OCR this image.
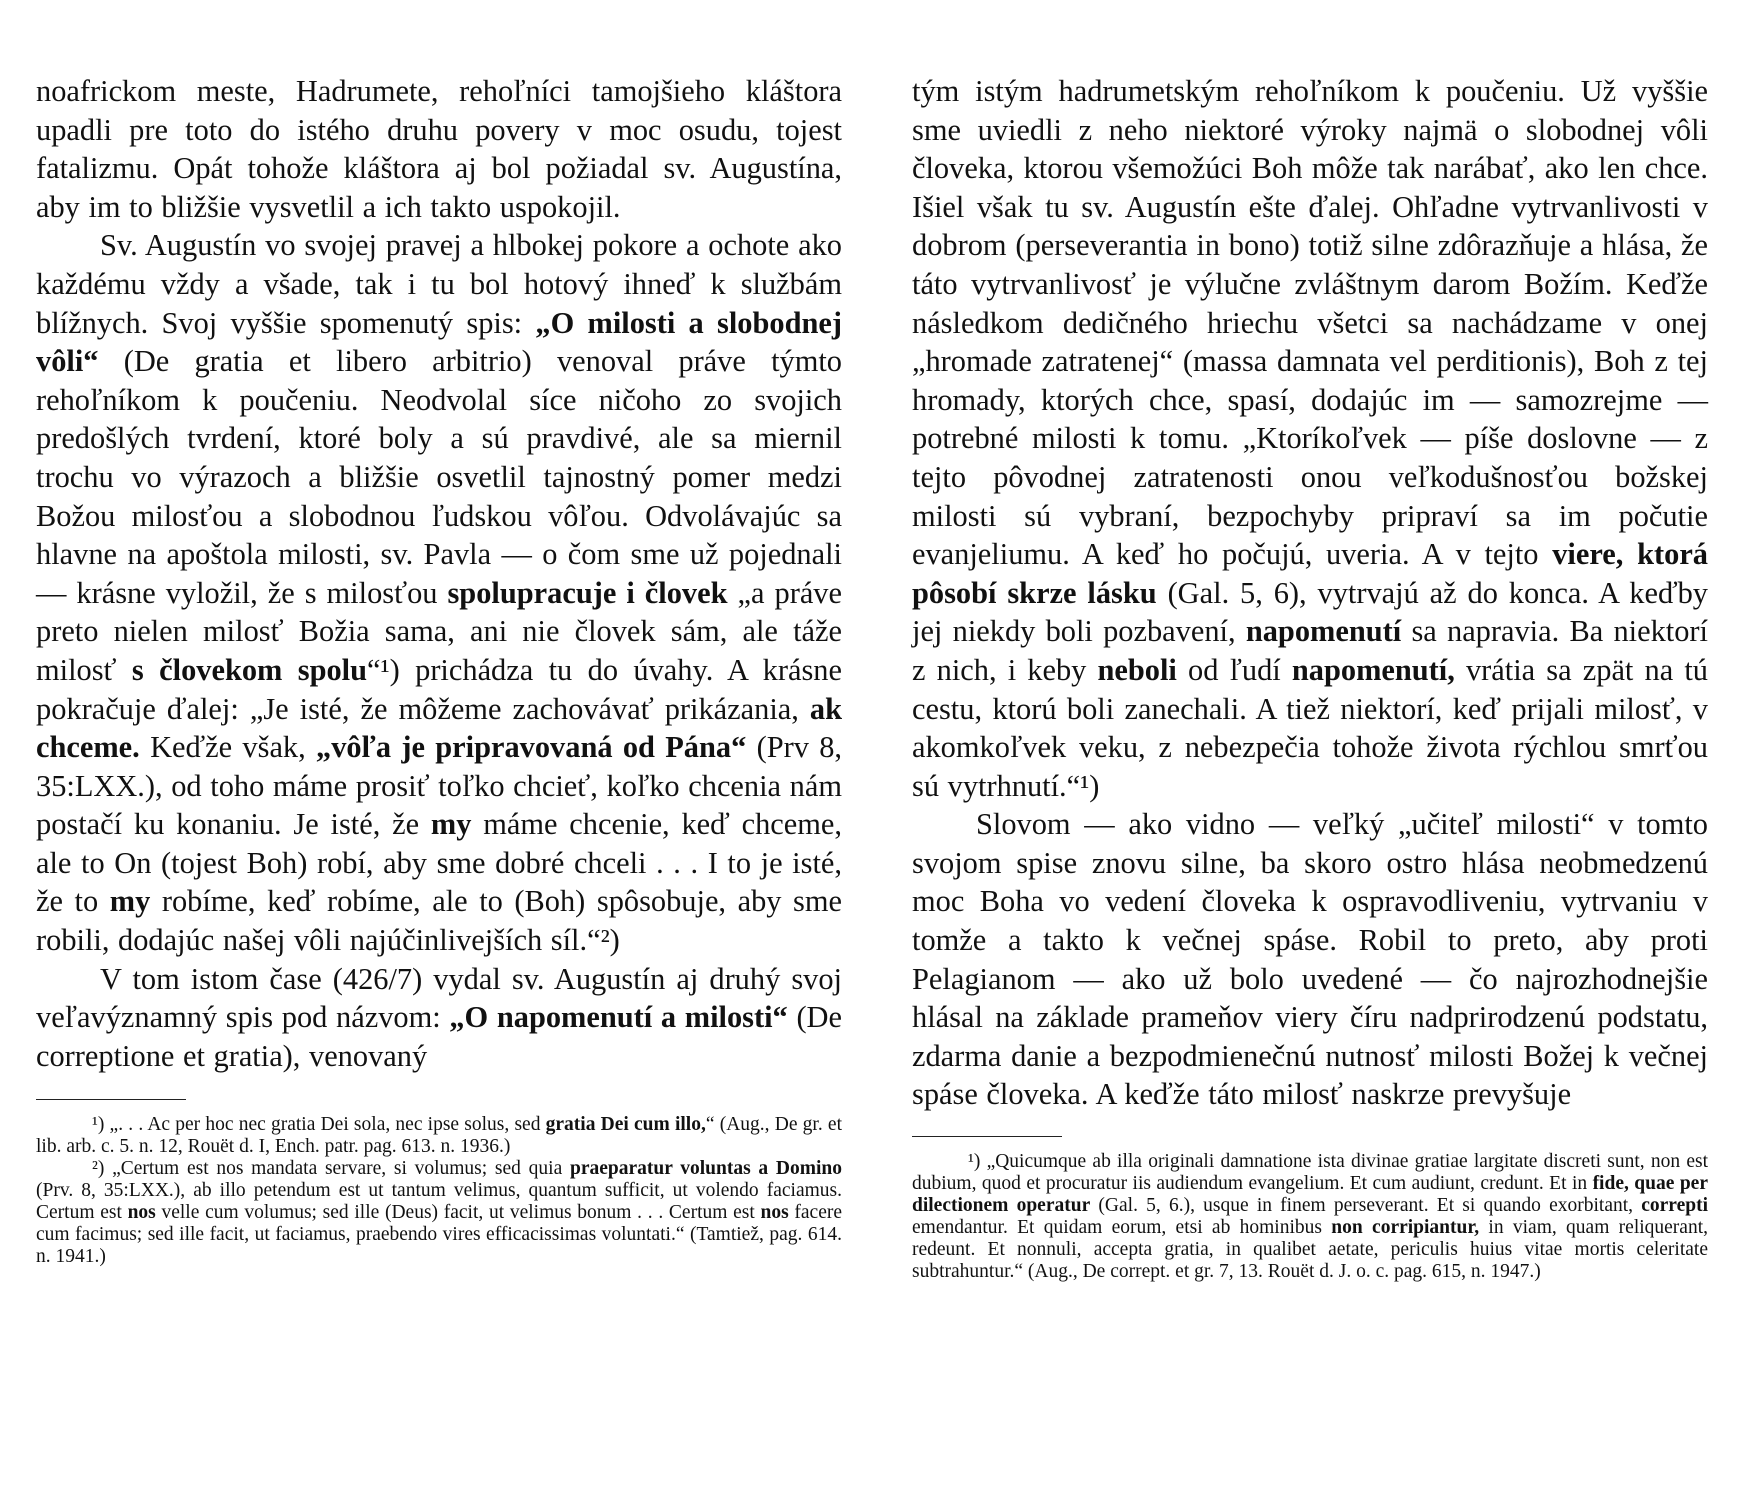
noafrickom meste, Hadrumete, rehoľníci tamojšieho kláštora upadli pre toto do istého druhu povery v moc osudu, tojest fatalizmu. Opát tohože kláštora aj bol požiadal sv. Augustína, aby im to bližšie vysvetlil a ich takto uspokojil.

Sv. Augustín vo svojej pravej a hlbokej pokore a ochote ako každému vždy a všade, tak i tu bol hotový ihneď k službám blížnych. Svoj vyššie spomenutý spis: „O milosti a slobodnej vôli“ (De gratia et libero arbitrio) venoval práve týmto rehoľníkom k poučeniu. Neodvolal síce ničoho zo svojich predošlých tvrdení, ktoré boly a sú pravdivé, ale sa miernil trochu vo výrazoch a bližšie osvetlil tajnostný pomer medzi Božou milosťou a slobodnou ľudskou vôľou. Odvolávajúc sa hlavne na apoštola milosti, sv. Pavla — o čom sme už pojednali — krásne vyložil, že s milosťou spolupracuje i človek „a práve preto nielen milosť Božia sama, ani nie človek sám, ale táže milosť s človekom spolu“¹) prichádza tu do úvahy. A krásne pokračuje ďalej: „Je isté, že môžeme zachovávať prikázania, ak chceme. Keďže však, „vôľa je pripravovaná od Pána“ (Prv 8, 35:LXX.), od toho máme prosiť toľko chcieť, koľko chcenia nám postačí ku konaniu. Je isté, že my máme chcenie, keď chceme, ale to On (tojest Boh) robí, aby sme dobré chceli . . . I to je isté, že to my robíme, keď robíme, ale to (Boh) spôsobuje, aby sme robili, dodajúc našej vôli najúčinlivejších síl.“²)

V tom istom čase (426/7) vydal sv. Augustín aj druhý svoj veľavýznamný spis pod názvom: „O napomenutí a milosti“ (De correptione et gratia), venovaný

¹) „. . . Ac per hoc nec gratia Dei sola, nec ipse solus, sed gratia Dei cum illo,“ (Aug., De gr. et lib. arb. c. 5. n. 12, Rouët d. I, Ench. patr. pag. 613. n. 1936.)

²) „Certum est nos mandata servare, si volumus; sed quia praeparatur voluntas a Domino (Prv. 8, 35:LXX.), ab illo petendum est ut tantum velimus, quantum sufficit, ut volendo faciamus. Certum est nos velle cum volumus; sed ille (Deus) facit, ut velimus bonum . . . Certum est nos facere cum facimus; sed ille facit, ut faciamus, praebendo vires efficacissimas voluntati.“ (Tamtiež, pag. 614. n. 1941.)

tým istým hadrumetským rehoľníkom k poučeniu. Už vyššie sme uviedli z neho niektoré výroky najmä o slobodnej vôli človeka, ktorou všemožúci Boh môže tak narábať, ako len chce. Išiel však tu sv. Augustín ešte ďalej. Ohľadne vytrvanlivosti v dobrom (perseverantia in bono) totiž silne zdôrazňuje a hlása, že táto vytrvanlivosť je výlučne zvláštnym darom Božím. Keďže následkom dedičného hriechu všetci sa nachádzame v onej „hromade zatratenej“ (massa damnata vel perditionis), Boh z tej hromady, ktorých chce, spasí, dodajúc im — samozrejme — potrebné milosti k tomu. „Ktoríkoľvek — píše doslovne — z tejto pôvodnej zatratenosti onou veľkodušnosťou božskej milosti sú vybraní, bezpochyby pripraví sa im počutie evanjeliumu. A keď ho počujú, uveria. A v tejto viere, ktorá pôsobí skrze lásku (Gal. 5, 6), vytrvajú až do konca. A keďby jej niekdy boli pozbavení, napomenutí sa napravia. Ba niektorí z nich, i keby neboli od ľudí napomenutí, vrátia sa zpät na tú cestu, ktorú boli zanechali. A tiež niektorí, keď prijali milosť, v akomkoľvek veku, z nebezpečia tohože života rýchlou smrťou sú vytrhnutí.“¹)

Slovom — ako vidno — veľký „učiteľ milosti“ v tomto svojom spise znovu silne, ba skoro ostro hlása neobmedzenú moc Boha vo vedení človeka k ospravodliveniu, vytrvaniu v tomže a takto k večnej spáse. Robil to preto, aby proti Pelagianom — ako už bolo uvedené — čo najrozhodnejšie hlásal na základe prameňov viery číru nadprirodzenú podstatu, zdarma danie a bezpodmienečnú nutnosť milosti Božej k večnej spáse človeka. A keďže táto milosť naskrze prevyšuje

¹) „Quicumque ab illa originali damnatione ista divinae gratiae largitate discreti sunt, non est dubium, quod et procuratur iis audiendum evangelium. Et cum audiunt, credunt. Et in fide, quae per dilectionem operatur (Gal. 5, 6.), usque in finem perseverant. Et si quando exorbitant, correpti emendantur. Et quidam eorum, etsi ab hominibus non corripiantur, in viam, quam reliquerant, redeunt. Et nonnuli, accepta gratia, in qualibet aetate, periculis huius vitae mortis celeritate subtrahuntur.“ (Aug., De corrept. et gr. 7, 13. Rouët d. J. o. c. pag. 615, n. 1947.)
